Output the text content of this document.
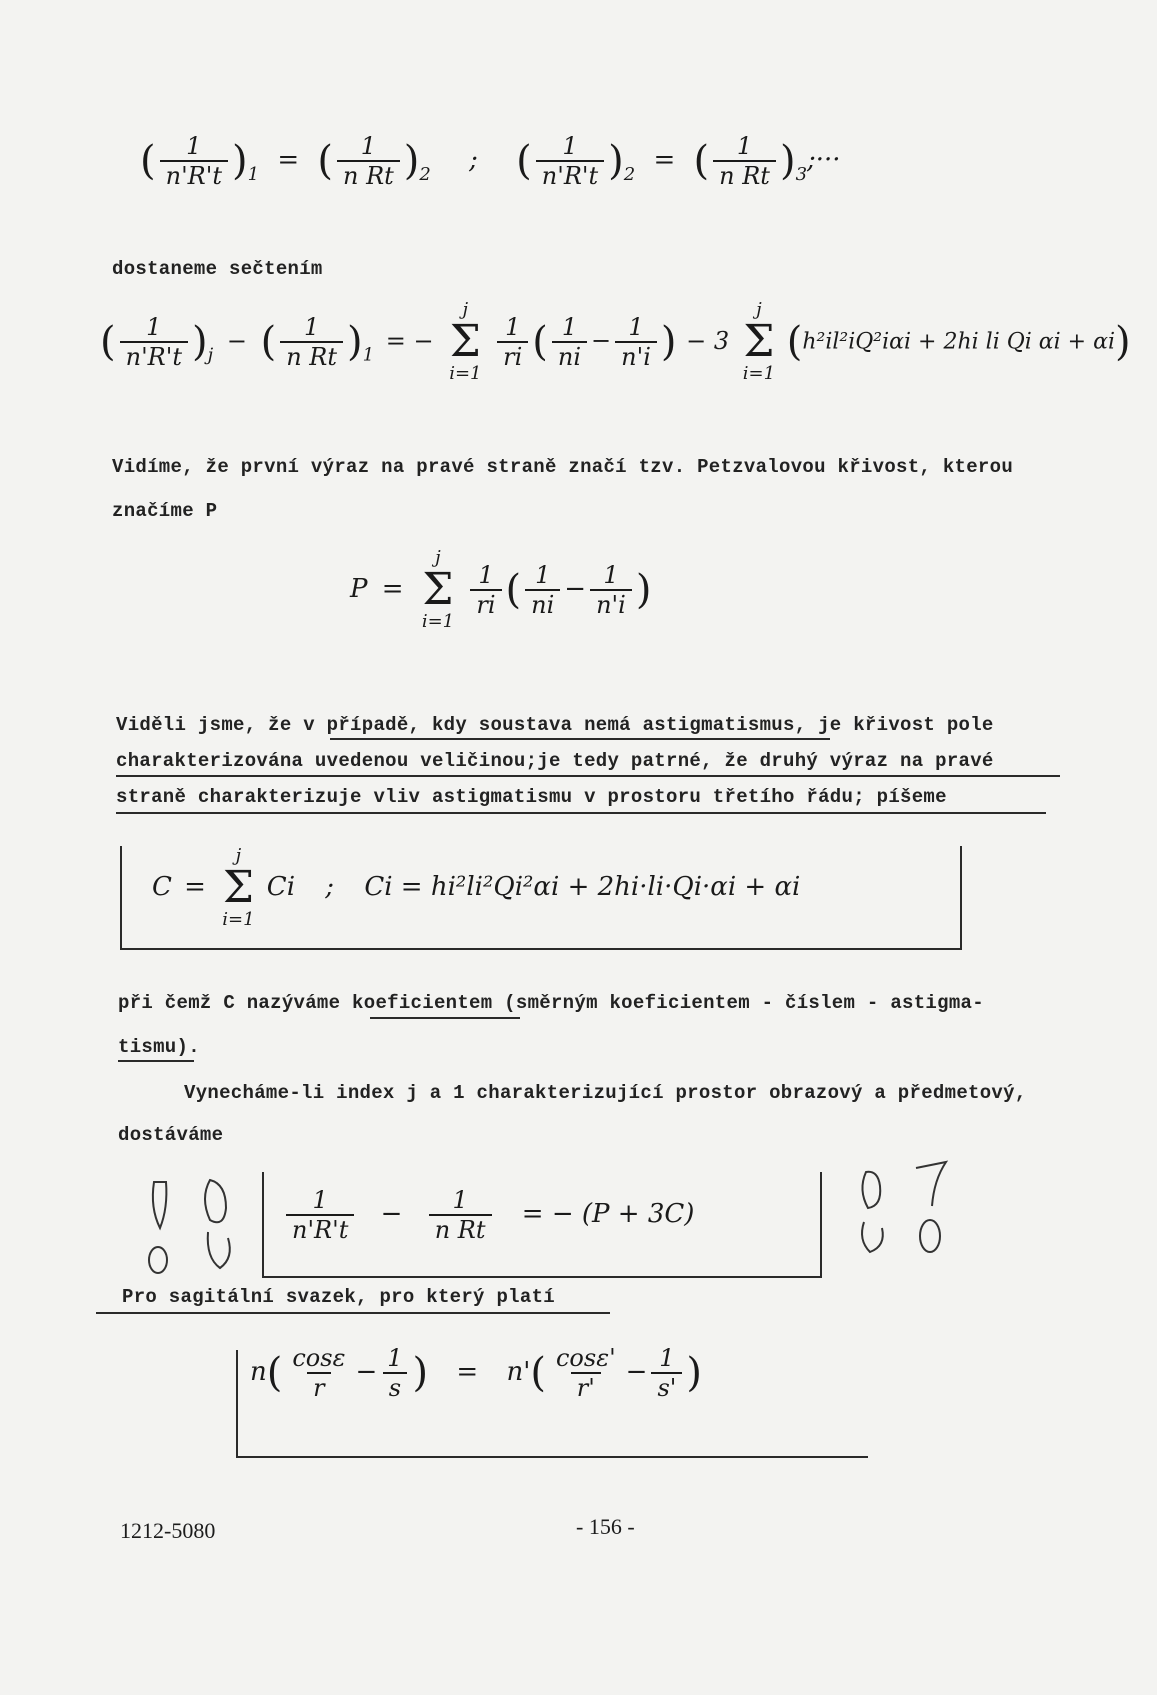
( $\frac{1}{n'R't} )_1$ = ( $\frac{1}{\text{n Rt}} )_2$ ; ( $\frac{1}{n'R't} )_2$ = ( $\frac{1}{\text{n Rt}}$ )$_3;\cdot\cdot\cdot$
dostaneme sečtením
( $\frac{1}{n'R't} )_j$ − ( $\frac{1}{\text{n Rt}} )_1$ = −
j
Σ
i=1

$\frac{1}{ri}$ ( $\frac{1}{ni} - \frac{1}{n'i}$ ) − 3
j
Σ
i=1
(h²il²iQ²iαi + 2hi li Qi αi + αi)
Vidíme, že první výraz na pravé straně značí tzv. Petzvalovou křivost, kterou
značíme P
P =
j
Σ
i=1

$\frac{1}{ri}$ ( $\frac{1}{ni} - \frac{1}{n'i}$ )
Viděli jsme, že v případě, kdy soustava nemá astigmatismus, je křivost pole
charakterizována uvedenou veličinou;je tedy patrné, že druhý výraz na pravé
straně charakterizuje vliv astigmatismu v prostoru třetího řádu; píšeme
C =
j
Σ
i=1
Ci ; Ci = hi²li²Qi²αi + 2hi·li·Qi·αi + αi
při čemž C nazýváme koeficientem (směrným koeficientem - číslem - astigma-
tismu).
Vynecháme-li index j a 1 charakterizující prostor obrazový a předmetový,
dostáváme
$\frac{1}{n'R't} - \frac{1}{\text{n Rt}}$ = − (P + 3C)
Pro sagitální svazek, pro který platí
$n( \frac{\cos\varepsilon}{r} - \frac{1}{s}$ ) = $n'( \frac{\cos\varepsilon'}{r'} - \frac{1}{s'}$ )
1212-5080	- 156 -
